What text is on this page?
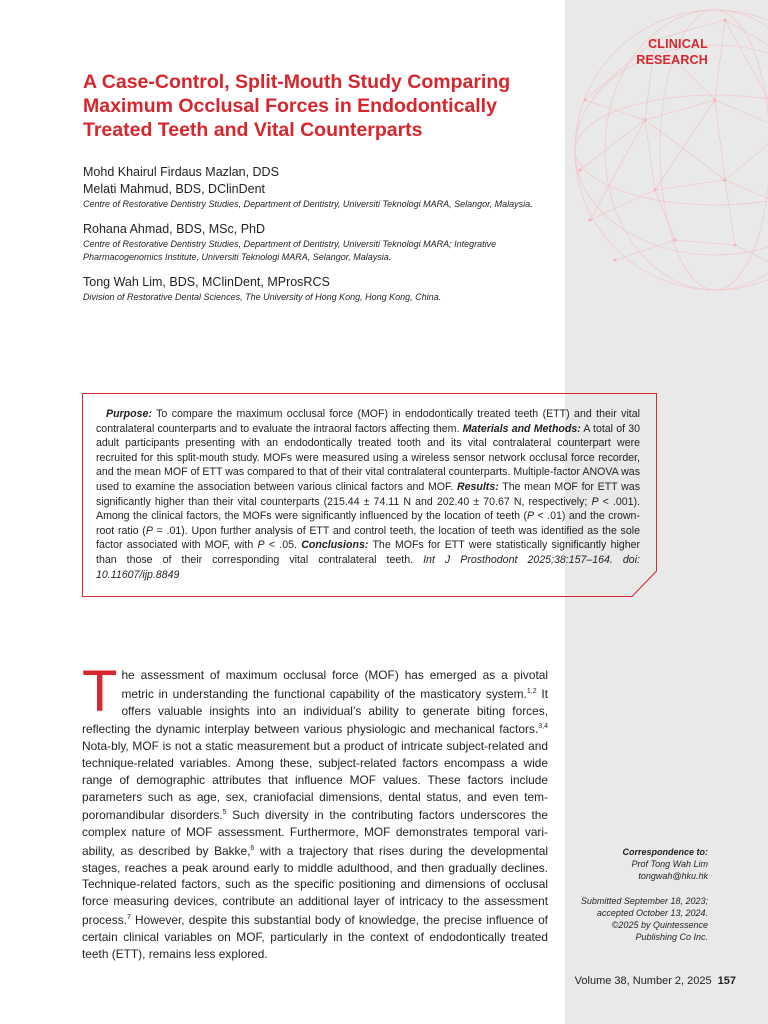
CLINICAL
RESEARCH
A Case-Control, Split-Mouth Study Comparing Maximum Occlusal Forces in Endodontically Treated Teeth and Vital Counterparts
Mohd Khairul Firdaus Mazlan, DDS
Melati Mahmud, BDS, DClinDent
Centre of Restorative Dentistry Studies, Department of Dentistry, Universiti Teknologi MARA, Selangor, Malaysia.
Rohana Ahmad, BDS, MSc, PhD
Centre of Restorative Dentistry Studies, Department of Dentistry, Universiti Teknologi MARA; Integrative Pharmacogenomics Institute, Universiti Teknologi MARA, Selangor, Malaysia.
Tong Wah Lim, BDS, MClinDent, MProsRCS
Division of Restorative Dental Sciences, The University of Hong Kong, Hong Kong, China.

Purpose: To compare the maximum occlusal force (MOF) in endodontically treated teeth (ETT) and their vital contralateral counterparts and to evaluate the intraoral factors affecting them. Materials and Methods: A total of 30 adult participants presenting with an endodontically treated tooth and its vital contralateral counterpart were recruited for this split-mouth study. MOFs were measured using a wireless sensor network occlusal force recorder, and the mean MOF of ETT was compared to that of their vital contralateral counterparts. Multiple-factor ANOVA was used to examine the association between various clinical factors and MOF. Results: The mean MOF for ETT was significantly higher than their vital counterparts (215.44 ± 74.11 N and 202.40 ± 70.67 N, respectively; P < .001). Among the clinical factors, the MOFs were significantly influenced by the location of teeth (P < .01) and the crown-root ratio (P = .01). Upon further analysis of ETT and control teeth, the location of teeth was identified as the sole factor associated with MOF, with P < .05. Conclusions: The MOFs for ETT were statistically significantly higher than those of their corresponding vital contralateral teeth. Int J Prosthodont 2025;38:157–164. doi: 10.11607/ijp.8849

The assessment of maximum occlusal force (MOF) has emerged as a pivotal metric in understanding the functional capability of the masticatory system.$^{1,2}$ It offers valuable insights into an individual’s ability to generate biting forces, reflecting the dynamic interplay between various physiologic and mechanical factors.$^{3,4}$ Nota-bly, MOF is not a static measurement but a product of intricate subject-related and technique-related variables. Among these, subject-related factors encompass a wide range of demographic attributes that influence MOF values. These factors include parameters such as age, sex, craniofacial dimensions, dental status, and even tem-poromandibular disorders.$^5$ Such diversity in the contributing factors underscores the complex nature of MOF assessment. Furthermore, MOF demonstrates temporal vari-ability, as described by Bakke,$^6$ with a trajectory that rises during the developmental stages, reaches a peak around early to middle adulthood, and then gradually declines. Technique-related factors, such as the specific positioning and dimensions of occlusal force measuring devices, contribute an additional layer of intricacy to the assessment process.$^7$ However, despite this substantial body of knowledge, the precise influence of certain clinical variables on MOF, particularly in the context of endodontically treated teeth (ETT), remains less explored.

Correspondence to:
Prof Tong Wah Lim
tongwah@hku.hk
Submitted September 18, 2023;
accepted October 13, 2024.
©2025 by Quintessence
Publishing Co Inc.
Volume 38, Number 2, 2025 157
